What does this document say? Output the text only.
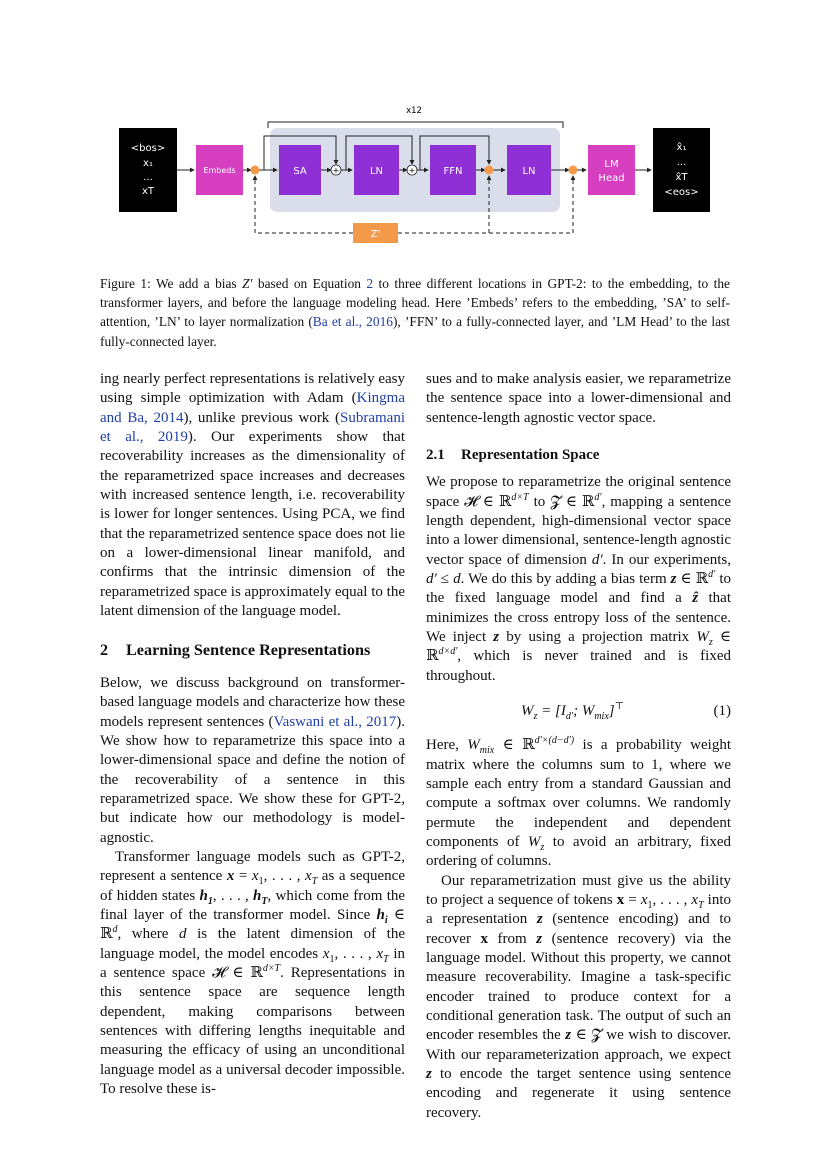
x12
<bos>
x₁
...
xT
Embeds	SA	LN	FFN	LN
LM
Head
x̂₁
...
x̂T
<eos>
+	+
Z'
Figure 1: We add a bias Z′ based on Equation 2 to three different locations in GPT-2: to the embedding, to the transformer layers, and before the language modeling head. Here ’Embeds’ refers to the embedding, ’SA’ to self-attention, ’LN’ to layer normalization (Ba et al., 2016), ’FFN’ to a fully-connected layer, and ’LM Head’ to the last fully-connected layer.

ing nearly perfect representations is relatively easy using simple optimization with Adam (Kingma and Ba, 2014), unlike previous work (Subramani et al., 2019). Our experiments show that recoverability increases as the dimensionality of the reparametrized space increases and decreases with increased sentence length, i.e. recoverability is lower for longer sentences. Using PCA, we find that the reparametrized sentence space does not lie on a lower-dimensional linear manifold, and confirms that the intrinsic dimension of the reparametrized space is approximately equal to the latent dimension of the language model.

2 Learning Sentence Representations

Below, we discuss background on transformer-based language models and characterize how these models represent sentences (Vaswani et al., 2017). We show how to reparametrize this space into a lower-dimensional space and define the notion of the recoverability of a sentence in this reparametrized space. We show these for GPT-2, but indicate how our methodology is model-agnostic.

Transformer language models such as GPT-2, represent a sentence $x = x_1$, . . . , $x_T$ as a sequence of hidden states $h_1$, . . . , $h_T$, which come from the final layer of the transformer model. Since $h_i$ ∈ ℝ$^d$, where d is the latent dimension of the language model, the model encodes $x_1$, . . . , $x_T$ in a sentence space 𝓗 ∈ ℝ$^{d\times T}$. Representations in this sentence space are sequence length dependent, making comparisons between sentences with differing lengths inequitable and measuring the efficacy of using an unconditional language model as a universal decoder impossible. To resolve these is-

sues and to make analysis easier, we reparametrize the sentence space into a lower-dimensional and sentence-length agnostic vector space.

2.1 Representation Space

We propose to reparametrize the original sentence space 𝓗 ∈ ℝ$^{d\times T}$ to 𝓩 ∈ ℝ$^{d'}$, mapping a sentence length dependent, high-dimensional vector space into a lower dimensional, sentence-length agnostic vector space of dimension d′. In our experiments, d′ ≤ d. We do this by adding a bias term z ∈ ℝ$^{d'}$ to the fixed language model and find a ẑ that minimizes the cross entropy loss of the sentence. We inject z by using a projection matrix $W_z$ ∈ ℝ$^{d\times d'}$, which is never trained and is fixed throughout.

$W_z = [I_{d'}$; $W_{mix}]^⊤$	(1)

Here, $W_{mix}$ ∈ ℝ$^{d'\times(d-d')}$ is a probability weight matrix where the columns sum to 1, where we sample each entry from a standard Gaussian and compute a softmax over columns. We randomly permute the independent and dependent components of $W_z$ to avoid an arbitrary, fixed ordering of columns.

Our reparametrization must give us the ability to project a sequence of tokens $x = x_1$, . . . , $x_T$ into a representation z (sentence encoding) and to recover x from z (sentence recovery) via the language model. Without this property, we cannot measure recoverability. Imagine a task-specific encoder trained to produce context for a conditional generation task. The output of such an encoder resembles the z ∈ 𝓩 we wish to discover. With our reparameterization approach, we expect z to encode the target sentence using sentence encoding and regenerate it using sentence recovery.
